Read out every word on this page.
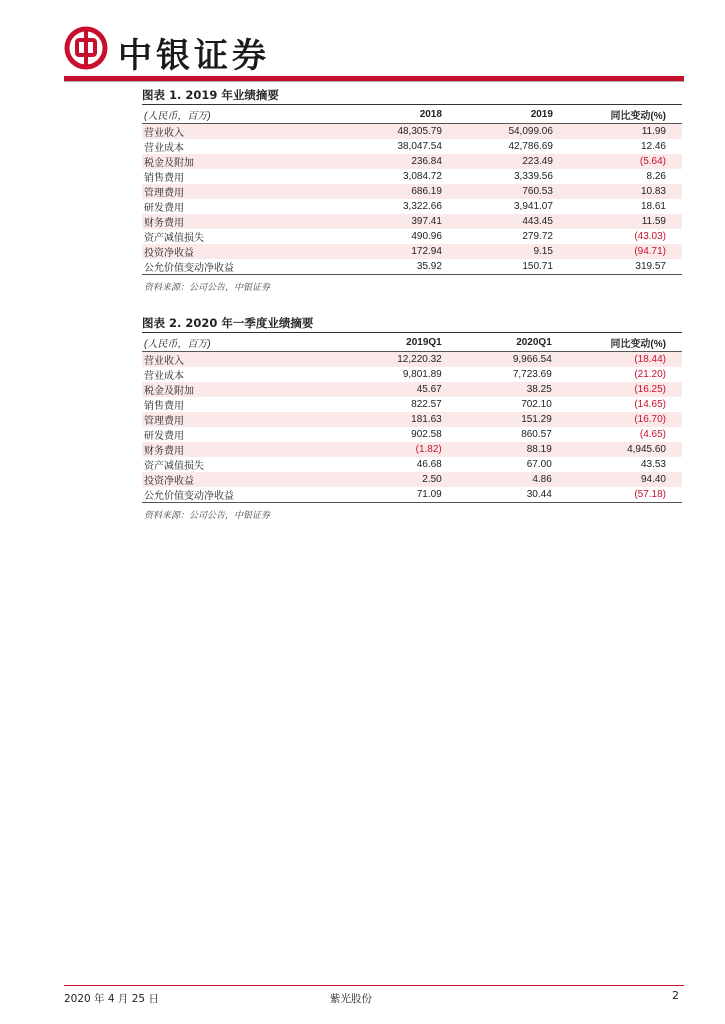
中银证券
图表 1. 2019 年业绩摘要
(人民币，百万)	2018	2019	同比变动(%)
营业收入	48,305.79	54,099.06	11.99
营业成本	38,047.54	42,786.69	12.46
税金及附加	236.84	223.49	(5.64)
销售费用	3,084.72	3,339.56	8.26
管理费用	686.19	760.53	10.83
研发费用	3,322.66	3,941.07	18.61
财务费用	397.41	443.45	11.59
资产减值损失	490.96	279.72	(43.03)
投资净收益	172.94	9.15	(94.71)
公允价值变动净收益	35.92	150.71	319.57
资料来源：公司公告，中银证券
图表 2. 2020 年一季度业绩摘要
(人民币，百万)	2019Q1	2020Q1	同比变动(%)
营业收入	12,220.32	9,966.54	(18.44)
营业成本	9,801.89	7,723.69	(21.20)
税金及附加	45.67	38.25	(16.25)
销售费用	822.57	702.10	(14.65)
管理费用	181.63	151.29	(16.70)
研发费用	902.58	860.57	(4.65)
财务费用	(1.82)	88.19	4,945.60
资产减值损失	46.68	67.00	43.53
投资净收益	2.50	4.86	94.40
公允价值变动净收益	71.09	30.44	(57.18)
资料来源：公司公告，中银证券
2020 年 4 月 25 日	紫光股份	2
